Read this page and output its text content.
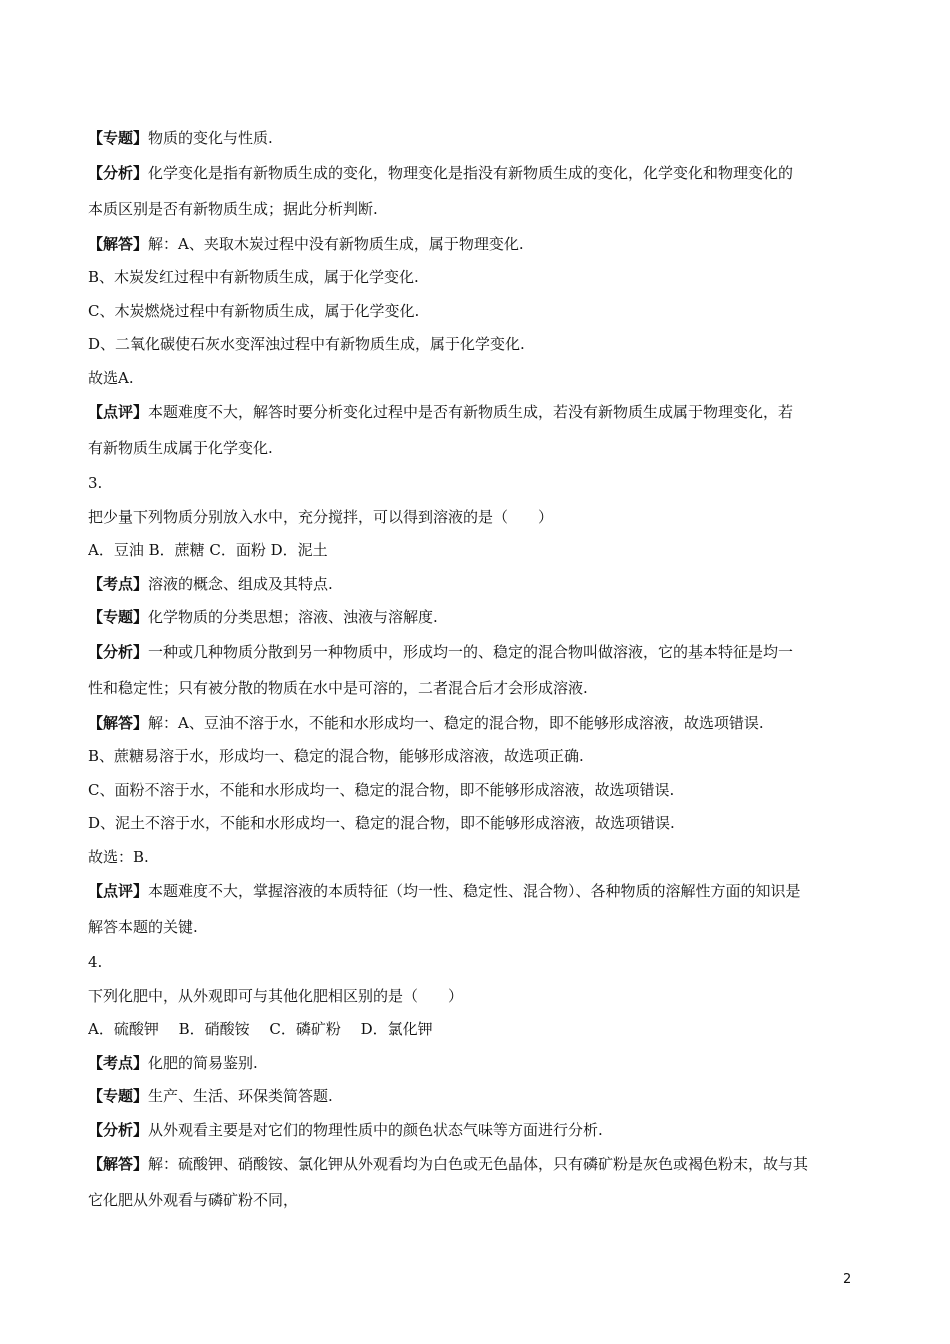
【专题】物质的变化与性质.
【分析】化学变化是指有新物质生成的变化，物理变化是指没有新物质生成的变化，化学变化和物理变化的
本质区别是否有新物质生成；据此分析判断.
【解答】解：A、夹取木炭过程中没有新物质生成，属于物理变化.
B、木炭发红过程中有新物质生成，属于化学变化.
C、木炭燃烧过程中有新物质生成，属于化学变化.
D、二氧化碳使石灰水变浑浊过程中有新物质生成，属于化学变化.
故选A.
【点评】本题难度不大，解答时要分析变化过程中是否有新物质生成，若没有新物质生成属于物理变化，若
有新物质生成属于化学变化.
3.
把少量下列物质分别放入水中，充分搅拌，可以得到溶液的是（　　）
A．豆油 B．蔗糖 C．面粉 D．泥土
【考点】溶液的概念、组成及其特点.
【专题】化学物质的分类思想；溶液、浊液与溶解度.
【分析】一种或几种物质分散到另一种物质中，形成均一的、稳定的混合物叫做溶液，它的基本特征是均一
性和稳定性；只有被分散的物质在水中是可溶的，二者混合后才会形成溶液.
【解答】解：A、豆油不溶于水，不能和水形成均一、稳定的混合物，即不能够形成溶液，故选项错误.
B、蔗糖易溶于水，形成均一、稳定的混合物，能够形成溶液，故选项正确.
C、面粉不溶于水，不能和水形成均一、稳定的混合物，即不能够形成溶液，故选项错误.
D、泥土不溶于水，不能和水形成均一、稳定的混合物，即不能够形成溶液，故选项错误.
故选：B.
【点评】本题难度不大，掌握溶液的本质特征（均一性、稳定性、混合物）、各种物质的溶解性方面的知识是
解答本题的关键.
4.
下列化肥中，从外观即可与其他化肥相区别的是（　　）
A．硫酸钾　 B．硝酸铵　 C．磷矿粉　 D．氯化钾
【考点】化肥的简易鉴别.
【专题】生产、生活、环保类简答题.
【分析】从外观看主要是对它们的物理性质中的颜色状态气味等方面进行分析.
【解答】解：硫酸钾、硝酸铵、氯化钾从外观看均为白色或无色晶体，只有磷矿粉是灰色或褐色粉末，故与其
它化肥从外观看与磷矿粉不同，
2
